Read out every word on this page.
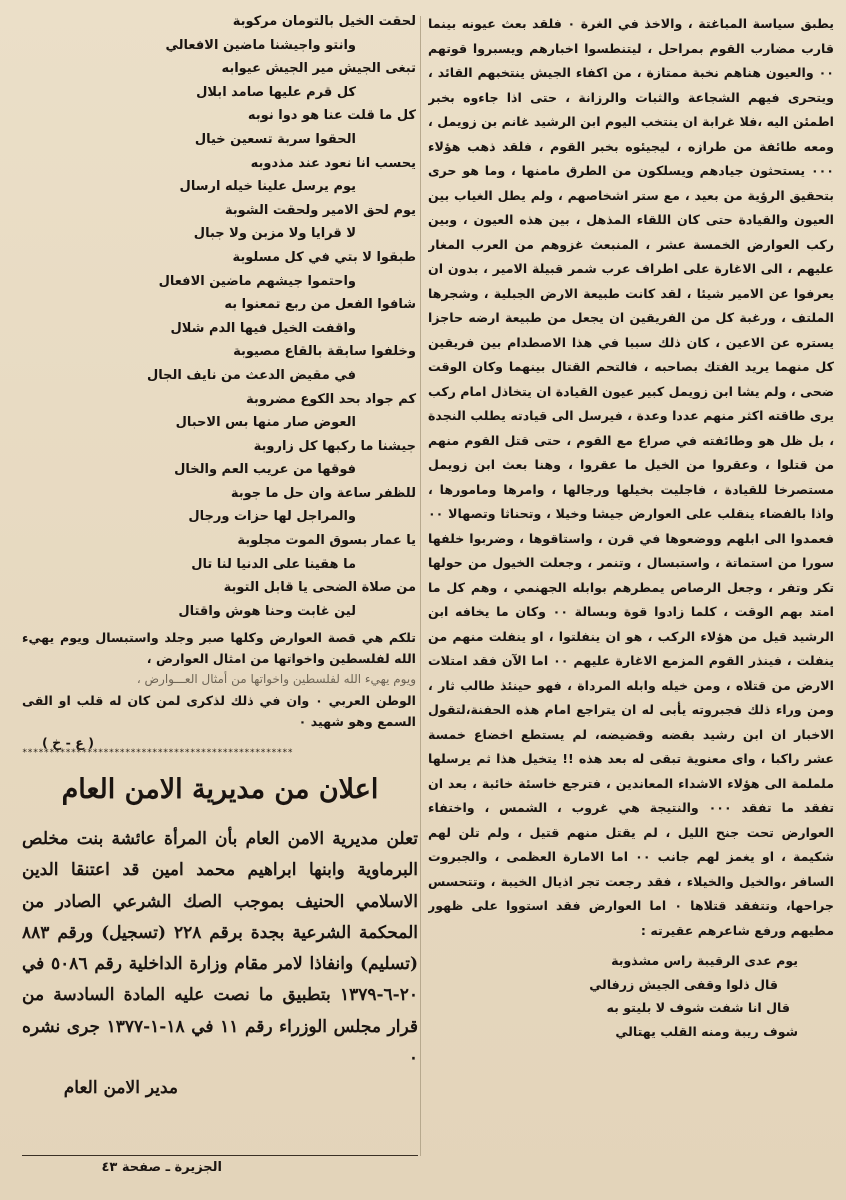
يطبق سياسة المباغتة ، والاخذ في الغرة ٠ فلقد بعث عيونه بينما قارب مضارب القوم بمراحل ، ليتنطسوا اخبارهم ويسبروا قوتهم ٠٠ والعيون هناهم نخبة ممتازة ، من اكفاء الجيش ينتخبهم القائد ، ويتحرى فيهم الشجاعة والثبات والرزانة ، حتى اذا جاءوه بخبر اطمئن اليه ،فلا غرابة ان ينتخب اليوم ابن الرشيد غانم بن زويمل ، ومعه طائفة من طرازه ، ليجيئوه بخبر القوم ، فلقد ذهب هؤلاء ٠٠٠ يستحثون جيادهم ويسلكون من الطرق مامنها ، وما هو حرى بتحقيق الرؤية من بعيد ، مع ستر اشخاصهم ، ولم يطل الغياب بين العيون والقيادة حتى كان اللقاء المذهل ، بين هذه العيون ، وبين ركب العوارض الخمسة عشر ، المنبعث غزوهم من العرب المغار عليهم ، الى الاغارة على اطراف عرب شمر قبيلة الامير ، بدون ان يعرفوا عن الامير شيئا ، لقد كانت طبيعة الارض الجبلية ، وشجرها الملتف ، ورغبة كل من الفريقين ان يجعل من طبيعة ارضه حاجزا يستره عن الاعين ، كان ذلك سببا في هذا الاصطدام بين فريقين كل منهما يريد الفتك بصاحبه ، فالتحم القتال بينهما وكان الوقت ضحى ، ولم يشا ابن زويمل كبير عيون القيادة ان يتخاذل امام ركب يرى طاقته اكثر منهم عددا وعدة ، فيرسل الى قيادته يطلب النجدة ، بل ظل هو وطائفته في صراع مع القوم ، حتى قتل القوم منهم من قتلوا ، وعقروا من الخيل ما عقروا ، وهنا بعث ابن زويمل مستصرخا للقيادة ، فاجليت بخيلها ورجالها ، وامرها ومامورها ، واذا بالفضاء ينقلب على العوارض جيشا وخيلا ، وتحناثا وتصهالا ٠٠ فعمدوا الى ابلهم ووضعوها في قرن ، واستاقوها ، وضربوا خلفها سورا من استماتة ، واستبسال ، وتنمر ، وجعلت الخيول من حولها تكر وتفر ، وجعل الرصاص يمطرهم بوابله الجهنمي ، وهم كل ما امتد بهم الوقت ، كلما زادوا قوة وبسالة ٠٠ وكان ما يخافه ابن الرشيد قيل من هؤلاء الركب ، هو ان ينفلتوا ، او ينفلت منهم من ينفلت ، فينذر القوم المزمع الاغارة عليهم ٠٠ اما الآن فقد امتلات الارض من قتلاه ، ومن خيله وابله المرداة ، فهو حينئذ طالب ثار ، ومن وراء ذلك فجبروته يأبى له ان يتراجع امام هذه الحفنة،لتقول الاخبار ان ابن رشيد بقضه وقضيضه، لم يستطع اخضاع خمسة عشر راكبا ، واى معنوية تبقى له بعد هذه !! يتخيل هذا ثم يرسلها ململمة الى هؤلاء الاشداء المعاندين ، فترجع خاسئة خائبة ، بعد ان تفقد ما تفقد ٠٠٠ والنتيجة هي غروب ، الشمس ، واختفاء العوارض تحت جنح الليل ، لم يقتل منهم قتيل ، ولم تلن لهم شكيمة ، او يغمز لهم جانب ٠٠ اما الامارة العظمى ، والجبروت السافر ،والخيل والخيلاء ، فقد رجعت تجر اذيال الخيبة ، وتتحسس جراحها، وتتفقد قتلاها ٠ اما العوارض فقد استووا على ظهور مطيهم ورفع شاعرهم عقيرته :

يوم عدى الرقيبة راس مشذوبة
قال ذلوا وقفى الجيش زرفالي
قال انا شفت شوف لا بليتو به
شوف ريبة ومنه القلب يهتالي
لحقت الخيل بالتومان مركوبة
وانتو واجيشنا ماضين الافعالي
تبغى الجيش مير الجيش عيوابه
كل قرم عليها صامد ابلال
كل ما قلت عنا هو دوا نوبه
الحقوا سربة تسعين خيال
يحسب انا نعود عند مذدوبه
يوم يرسل علينا خيله ارسال
يوم لحق الامير ولحقت الشوبة
لا قرايا ولا مزبن ولا جبال
طبقوا لا بتي في كل مسلوبة
واحتموا جيشهم ماضين الافعال
شافوا الفعل من ربع تمعنوا به
واقفت الخيل فيها الدم شلال
وخلفوا سابقة بالقاع مصيوبة
في مقيض الدعث من نايف الجال
كم جواد بحد الكوع مضروبة
العوض صار منها بس الاحبال
جيشنا ما ركبها كل زاروبة
فوقها من عريب العم والخال
للظفر ساعة وان حل ما جوبة
والمراجل لها حزات ورجال
يا عمار بسوق الموت مجلوبة
ما هقينا على الدنيا لنا تال
من صلاة الضحى يا قابل التوبة
لين غابت وحنا هوش واقتال
تلكم هي قصة العوارض وكلها صبر وجلد واستبسال ويوم يهيء الله لفلسطين واخواتها من امثال العوارض ،
ويوم يهيء الله لفلسطين واخواتها من أمثال العـــوارض ،
الوطن العربي ٠ وان في ذلك لذكرى لمن كان له قلب او القى السمع وهو شهيد ٠
( ع - خ )
**************************************************
اعلان من مديرية الامن العام
تعلن مديرية الامن العام بأن المرأة عائشة بنت مخلص البرماوية وابنها ابراهيم محمد امين قد اعتنقا الدين الاسلامي الحنيف بموجب الصك الشرعي الصادر من المحكمة الشرعية بجدة برقم ٢٢٨ (تسجيل) ورقم ٨٨٣ (تسليم) وانفاذا لامر مقام وزارة الداخلية رقم ٥٠٨٦ في ٢٠-٦-١٣٧٩ بتطبيق ما نصت عليه المادة السادسة من قرار مجلس الوزراء رقم ١١ في ١٨-١-١٣٧٧ جرى نشره ٠
مدير الامن العام
الجزيرة ـ صفحة ٤٣
